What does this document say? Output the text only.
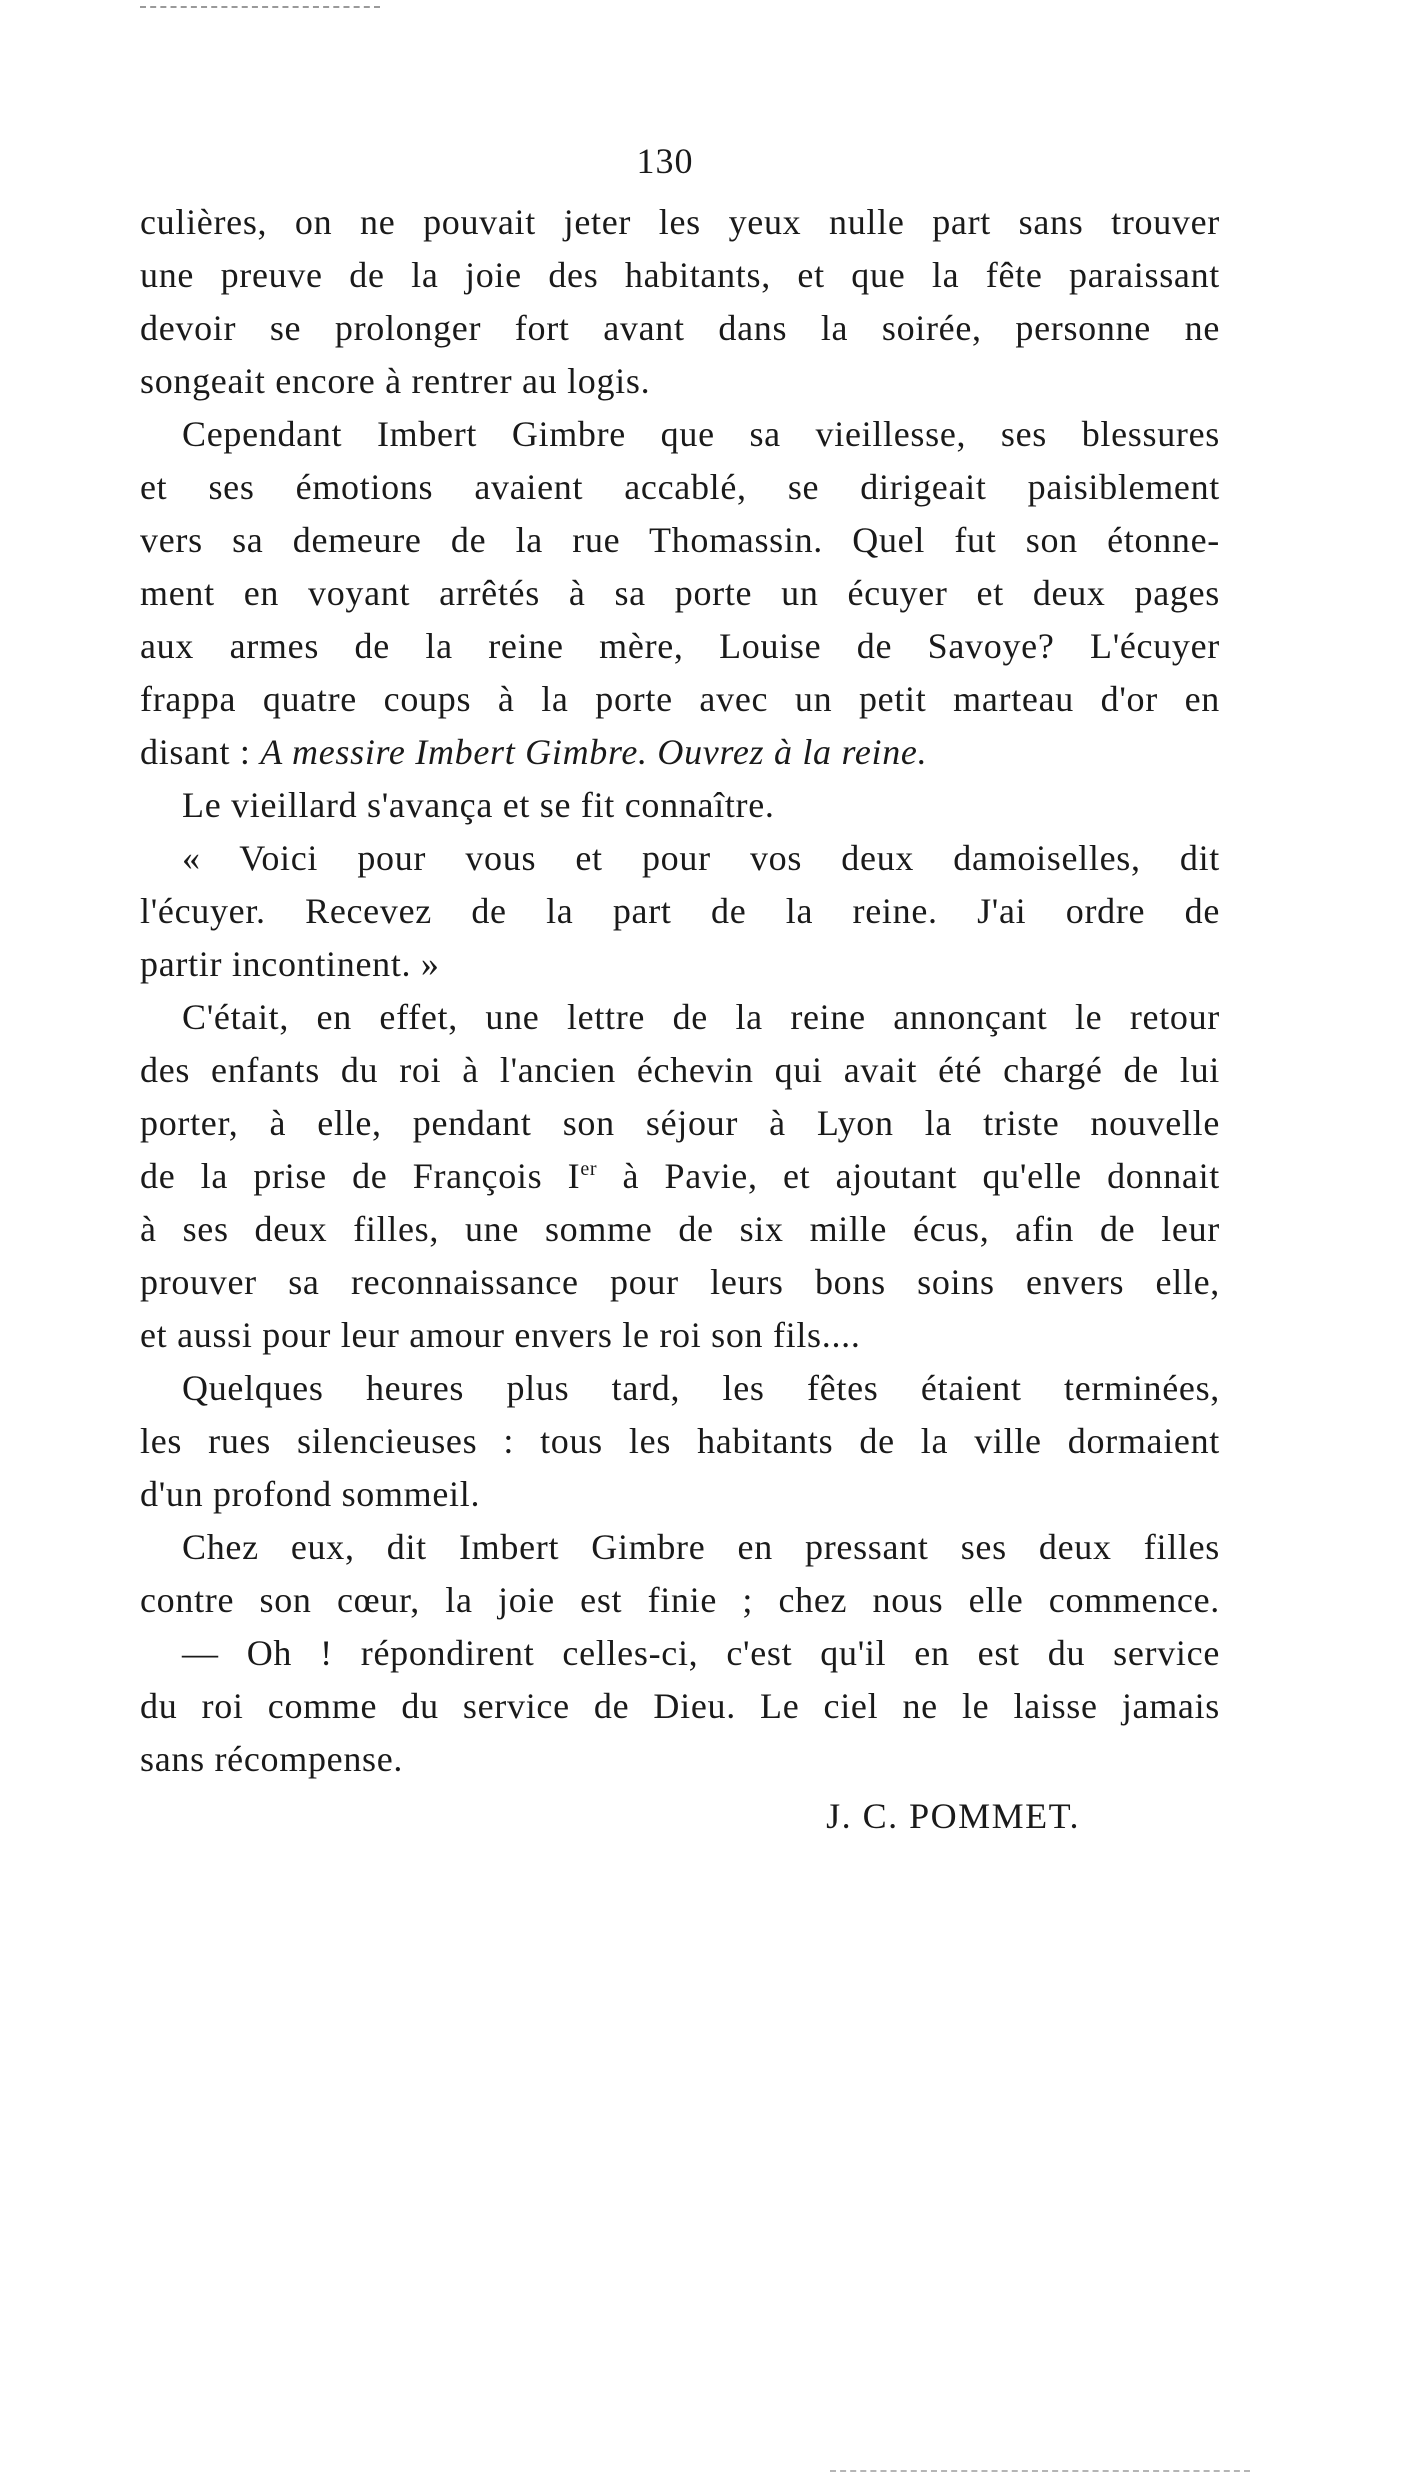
130
culières, on ne pouvait jeter les yeux nulle part sans trouver
une preuve de la joie des habitants, et que la fête paraissant
devoir se prolonger fort avant dans la soirée, personne ne
songeait encore à rentrer au logis.
Cependant Imbert Gimbre que sa vieillesse, ses blessures
et ses émotions avaient accablé, se dirigeait paisiblement
vers sa demeure de la rue Thomassin. Quel fut son étonne-
ment en voyant arrêtés à sa porte un écuyer et deux pages
aux armes de la reine mère, Louise de Savoye? L'écuyer
frappa quatre coups à la porte avec un petit marteau d'or en
disant : A messire Imbert Gimbre. Ouvrez à la reine.
Le vieillard s'avança et se fit connaître.
« Voici pour vous et pour vos deux damoiselles, dit
l'écuyer. Recevez de la part de la reine. J'ai ordre de
partir incontinent. »
C'était, en effet, une lettre de la reine annonçant le retour
des enfants du roi à l'ancien échevin qui avait été chargé de lui
porter, à elle, pendant son séjour à Lyon la triste nouvelle
de la prise de François Ier à Pavie, et ajoutant qu'elle donnait
à ses deux filles, une somme de six mille écus, afin de leur
prouver sa reconnaissance pour leurs bons soins envers elle,
et aussi pour leur amour envers le roi son fils....
Quelques heures plus tard, les fêtes étaient terminées,
les rues silencieuses : tous les habitants de la ville dormaient
d'un profond sommeil.
Chez eux, dit Imbert Gimbre en pressant ses deux filles
contre son cœur, la joie est finie ; chez nous elle commence.
— Oh ! répondirent celles-ci, c'est qu'il en est du service
du roi comme du service de Dieu. Le ciel ne le laisse jamais
sans récompense.
J. C. POMMET.
